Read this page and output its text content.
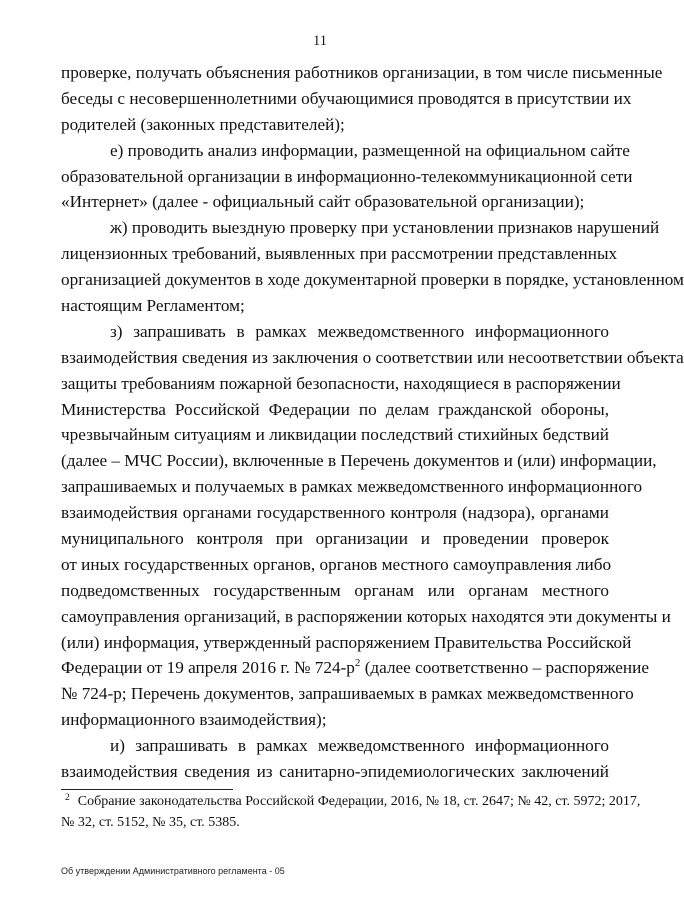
11
проверке, получать объяснения работников организации, в том числе письменные
беседы с несовершеннолетними обучающимися проводятся в присутствии их
родителей (законных представителей);
е) проводить анализ информации, размещенной на официальном сайте
образовательной организации в информационно-телекоммуникационной сети
«Интернет» (далее - официальный сайт образовательной организации);
ж) проводить выездную проверку при установлении признаков нарушений
лицензионных требований, выявленных при рассмотрении представленных
организацией документов в ходе документарной проверки в порядке, установленном
настоящим Регламентом;
з) запрашивать в рамках межведомственного информационного
взаимодействия сведения из заключения о соответствии или несоответствии объекта
защиты требованиям пожарной безопасности, находящиеся в распоряжении
Министерства Российской Федерации по делам гражданской обороны,
чрезвычайным ситуациям и ликвидации последствий стихийных бедствий
(далее – МЧС России), включенные в Перечень документов и (или) информации,
запрашиваемых и получаемых в рамках межведомственного информационного
взаимодействия органами государственного контроля (надзора), органами
муниципального контроля при организации и проведении проверок
от иных государственных органов, органов местного самоуправления либо
подведомственных государственным органам или органам местного
самоуправления организаций, в распоряжении которых находятся эти документы и
(или) информация, утвержденный распоряжением Правительства Российской
Федерации от 19 апреля 2016 г. № $724-р^2$ (далее соответственно – распоряжение
№ 724-р; Перечень документов, запрашиваемых в рамках межведомственного
информационного взаимодействия);
и) запрашивать в рамках межведомственного информационного
взаимодействия сведения из санитарно-эпидемиологических заключений
$^2$ Собрание законодательства Российской Федерации, 2016, № 18, ст. 2647; № 42, ст. 5972; 2017,
№ 32, ст. 5152, № 35, ст. 5385.
Об утверждении Административного регламента - 05
